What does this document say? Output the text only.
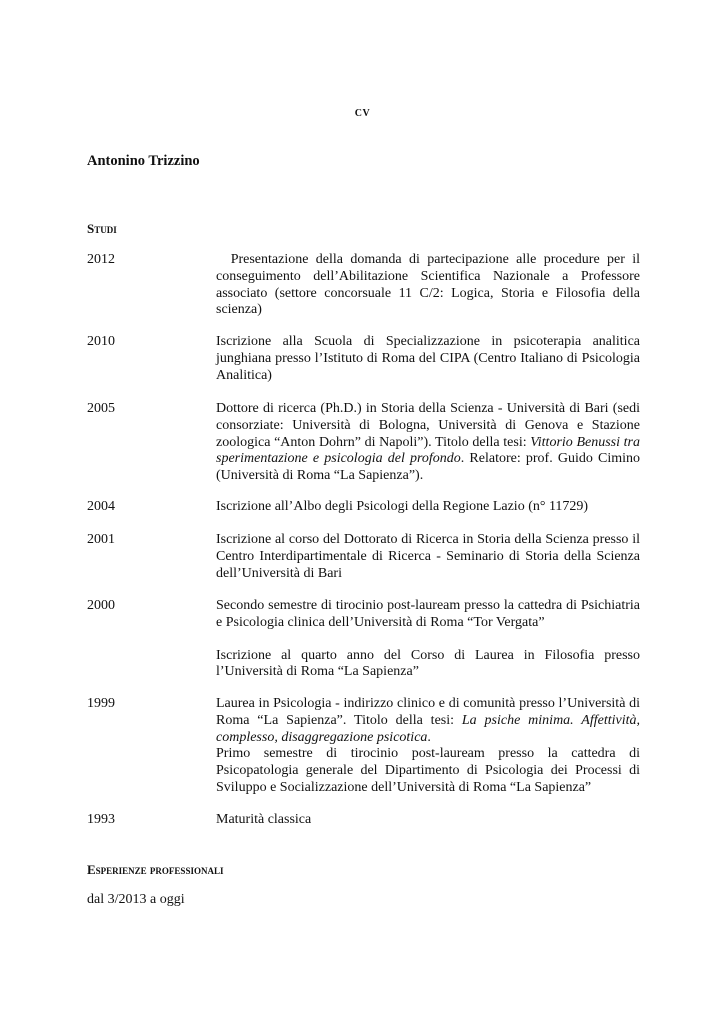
CV
Antonino Trizzino
Studi
2012	Presentazione della domanda di partecipazione alle procedure per il conseguimento dell’Abilitazione Scientifica Nazionale a Professore associato (settore concorsuale 11 C/2: Logica, Storia e Filosofia della scienza)
2010	Iscrizione alla Scuola di Specializzazione in psicoterapia analitica junghiana presso l’Istituto di Roma del CIPA (Centro Italiano di Psicologia Analitica)
2005	Dottore di ricerca (Ph.D.) in Storia della Scienza - Università di Bari (sedi consorziate: Università di Bologna, Università di Genova e Stazione zoologica “Anton Dohrn” di Napoli”). Titolo della tesi: Vittorio Benussi tra sperimentazione e psicologia del profondo. Relatore: prof. Guido Cimino (Università di Roma “La Sapienza”).
2004	Iscrizione all’Albo degli Psicologi della Regione Lazio (n° 11729)
2001	Iscrizione al corso del Dottorato di Ricerca in Storia della Scienza presso il Centro Interdipartimentale di Ricerca - Seminario di Storia della Scienza dell’Università di Bari
2000	Secondo semestre di tirocinio post-lauream presso la cattedra di Psichiatria e Psicologia clinica dell’Università di Roma “Tor Vergata”

Iscrizione al quarto anno del Corso di Laurea in Filosofia presso l’Università di Roma “La Sapienza”

1999	Laurea in Psicologia - indirizzo clinico e di comunità presso l’Università di Roma “La Sapienza”. Titolo della tesi: La psiche minima. Affettività, complesso, disaggregazione psicotica.

Primo semestre di tirocinio post-lauream presso la cattedra di Psicopatologia generale del Dipartimento di Psicologia dei Processi di Sviluppo e Socializzazione dell’Università di Roma “La Sapienza”

1993	Maturità classica
Esperienze professionali
dal 3/2013 a oggi
